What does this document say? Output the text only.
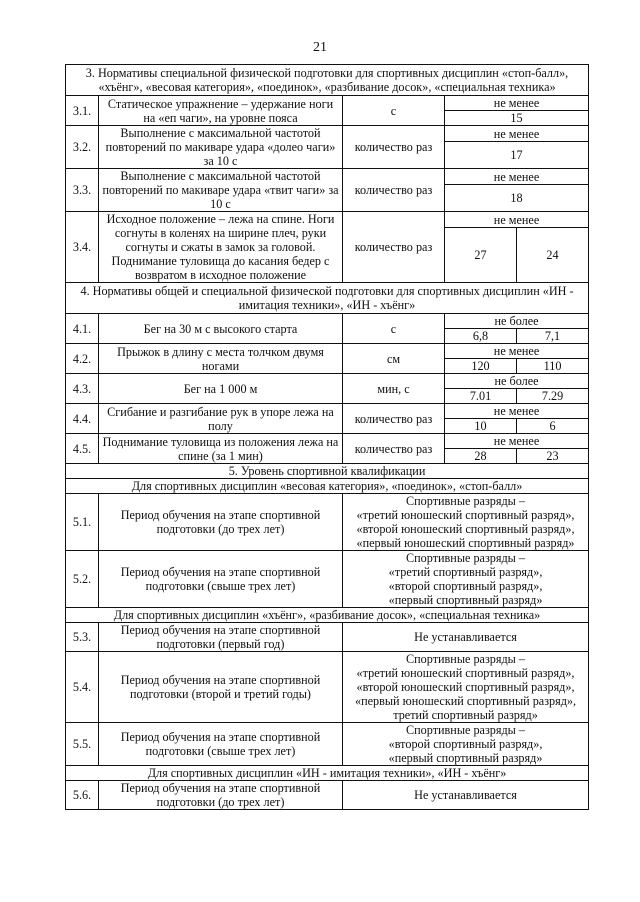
21
3. Нормативы специальной физической подготовки для спортивных дисциплин «стоп-балл», «хъёнг», «весовая категория», «поединок», «разбивание досок», «специальная техника»				
3.1.	Статическое упражнение – удержание ноги на «еп чаги», на уровне пояса	с	не менее	
			15	
3.2.	Выполнение с максимальной частотой повторений по макиваре удара «долео чаги» за 10 с	количество раз	не менее	
			17	
3.3.	Выполнение с максимальной частотой повторений по макиваре удара «твит чаги» за 10 с	количество раз	не менее	
			18	
3.4.	Исходное положение – лежа на спине. Ноги согнуты в коленях на ширине плеч, руки согнуты и сжаты в замок за головой. Поднимание туловища до касания бедер с возвратом в исходное положение	количество раз	не менее	
			27	24
4. Нормативы общей и специальной физической подготовки для спортивных дисциплин «ИН - имитация техники», «ИН - хъёнг»				
4.1.	Бег на 30 м с высокого старта	с	не более	
			6,8	7,1
4.2.	Прыжок в длину с места толчком двумя ногами	см	не менее	
			120	110
4.3.	Бег на 1 000 м	мин, с	не более	
			7.01	7.29
4.4.	Сгибание и разгибание рук в упоре лежа на полу	количество раз	не менее	
			10	6
4.5.	Поднимание туловища из положения лежа на спине (за 1 мин)	количество раз	не менее	
			28	23
5. Уровень спортивной квалификации				
Для спортивных дисциплин «весовая категория», «поединок», «стоп-балл»				
5.1.	Период обучения на этапе спортивной подготовки (до трех лет)	Спортивные разряды –
«третий юношеский спортивный разряд»,
«второй юношеский спортивный разряд»,
«первый юношеский спортивный разряд»		

5.2.	Период обучения на этапе спортивной подготовки (свыше трех лет)	Спортивные разряды –
«третий спортивный разряд»,
«второй спортивный разряд»,
«первый спортивный разряд»		

Для спортивных дисциплин «хъёнг», «разбивание досок», «специальная техника»				
5.3.	Период обучения на этапе спортивной подготовки (первый год)	Не устанавливается		

5.4.	Период обучения на этапе спортивной подготовки (второй и третий годы)	Спортивные разряды –
«третий юношеский спортивный разряд»,
«второй юношеский спортивный разряд»,
«первый юношеский спортивный разряд»,
третий спортивный разряд»		

5.5.	Период обучения на этапе спортивной подготовки (свыше трех лет)	Спортивные разряды –
«второй спортивный разряд»,
«первый спортивный разряд»		

Для спортивных дисциплин «ИН - имитация техники», «ИН - хъёнг»				
5.6.	Период обучения на этапе спортивной подготовки (до трех лет)	Не устанавливается		
